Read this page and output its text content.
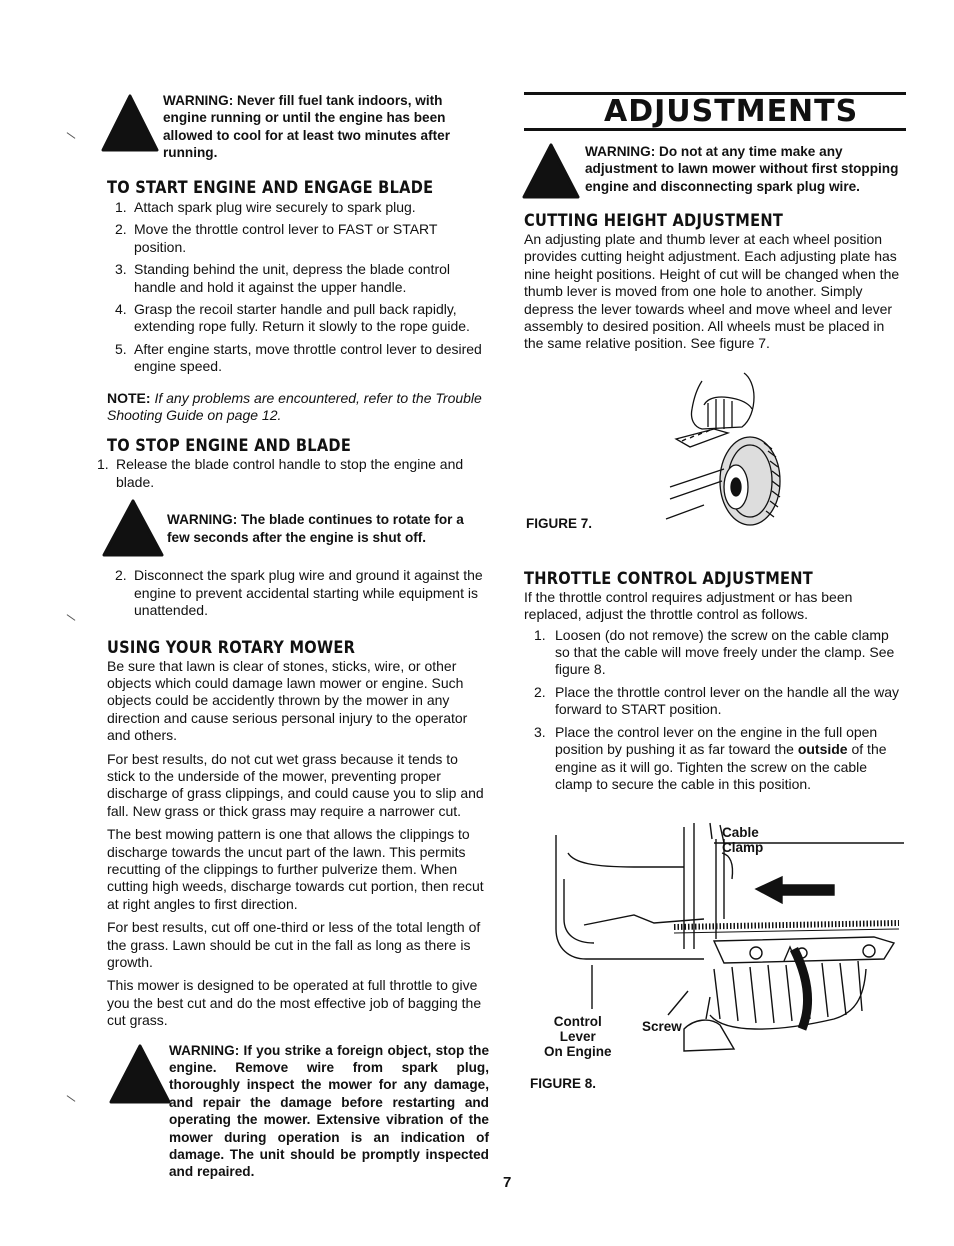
WARNING: Never fill fuel tank indoors, with engine running or until the engine has been allowed to cool for at least two minutes after running.
TO START ENGINE AND ENGAGE BLADE
1. Attach spark plug wire securely to spark plug.
2. Move the throttle control lever to FAST or START position.
3. Standing behind the unit, depress the blade control handle and hold it against the upper handle.
4. Grasp the recoil starter handle and pull back rapidly, extending rope fully. Return it slowly to the rope guide.
5. After engine starts, move throttle control lever to desired engine speed.

NOTE: If any problems are encountered, refer to the Trouble Shooting Guide on page 12.

TO STOP ENGINE AND BLADE
1. Release the blade control handle to stop the engine and blade.
WARNING: The blade continues to rotate for a few seconds after the engine is shut off.
2. Disconnect the spark plug wire and ground it against the engine to prevent accidental starting while equipment is unattended.
USING YOUR ROTARY MOWER

Be sure that lawn is clear of stones, sticks, wire, or other objects which could damage lawn mower or engine. Such objects could be accidently thrown by the mower in any direction and cause serious personal injury to the operator and others.

For best results, do not cut wet grass because it tends to stick to the underside of the mower, preventing proper discharge of grass clippings, and could cause you to slip and fall. New grass or thick grass may require a narrower cut.

The best mowing pattern is one that allows the clippings to discharge towards the uncut part of the lawn. This permits recutting of the clippings to further pulverize them. When cutting high weeds, discharge towards cut portion, then recut at right angles to first direction.

For best results, cut off one-third or less of the total length of the grass. Lawn should be cut in the fall as long as there is growth.

This mower is designed to be operated at full throttle to give you the best cut and do the most effective job of bagging the cut grass.

WARNING: If you strike a foreign object, stop the engine. Remove wire from spark plug, thoroughly inspect the mower for any damage, and repair the damage before restarting and operating the mower. Extensive vibration of the mower during operation is an indication of damage. The unit should be promptly inspected and repaired.
ADJUSTMENTS
WARNING: Do not at any time make any adjustment to lawn mower without first stopping engine and disconnecting spark plug wire.
CUTTING HEIGHT ADJUSTMENT

An adjusting plate and thumb lever at each wheel position provides cutting height adjustment. Each adjusting plate has nine height positions. Height of cut will be changed when the thumb lever is moved from one hole to another. Simply depress the lever towards wheel and move wheel and lever assembly to desired position. All wheels must be placed in the same relative position. See figure 7.

FIGURE 7.
THROTTLE CONTROL ADJUSTMENT

If the throttle control requires adjustment or has been replaced, adjust the throttle control as follows.

1. Loosen (do not remove) the screw on the cable clamp so that the cable will move freely under the clamp. See figure 8.
2. Place the throttle control lever on the handle all the way forward to START position.
3. Place the control lever on the engine in the full open position by pushing it as far toward the outside of the engine as it will go. Tighten the screw on the cable clamp to secure the cable in this position.
Cable
Clamp
Control
Lever
On Engine
Screw
FIGURE 8.
7
